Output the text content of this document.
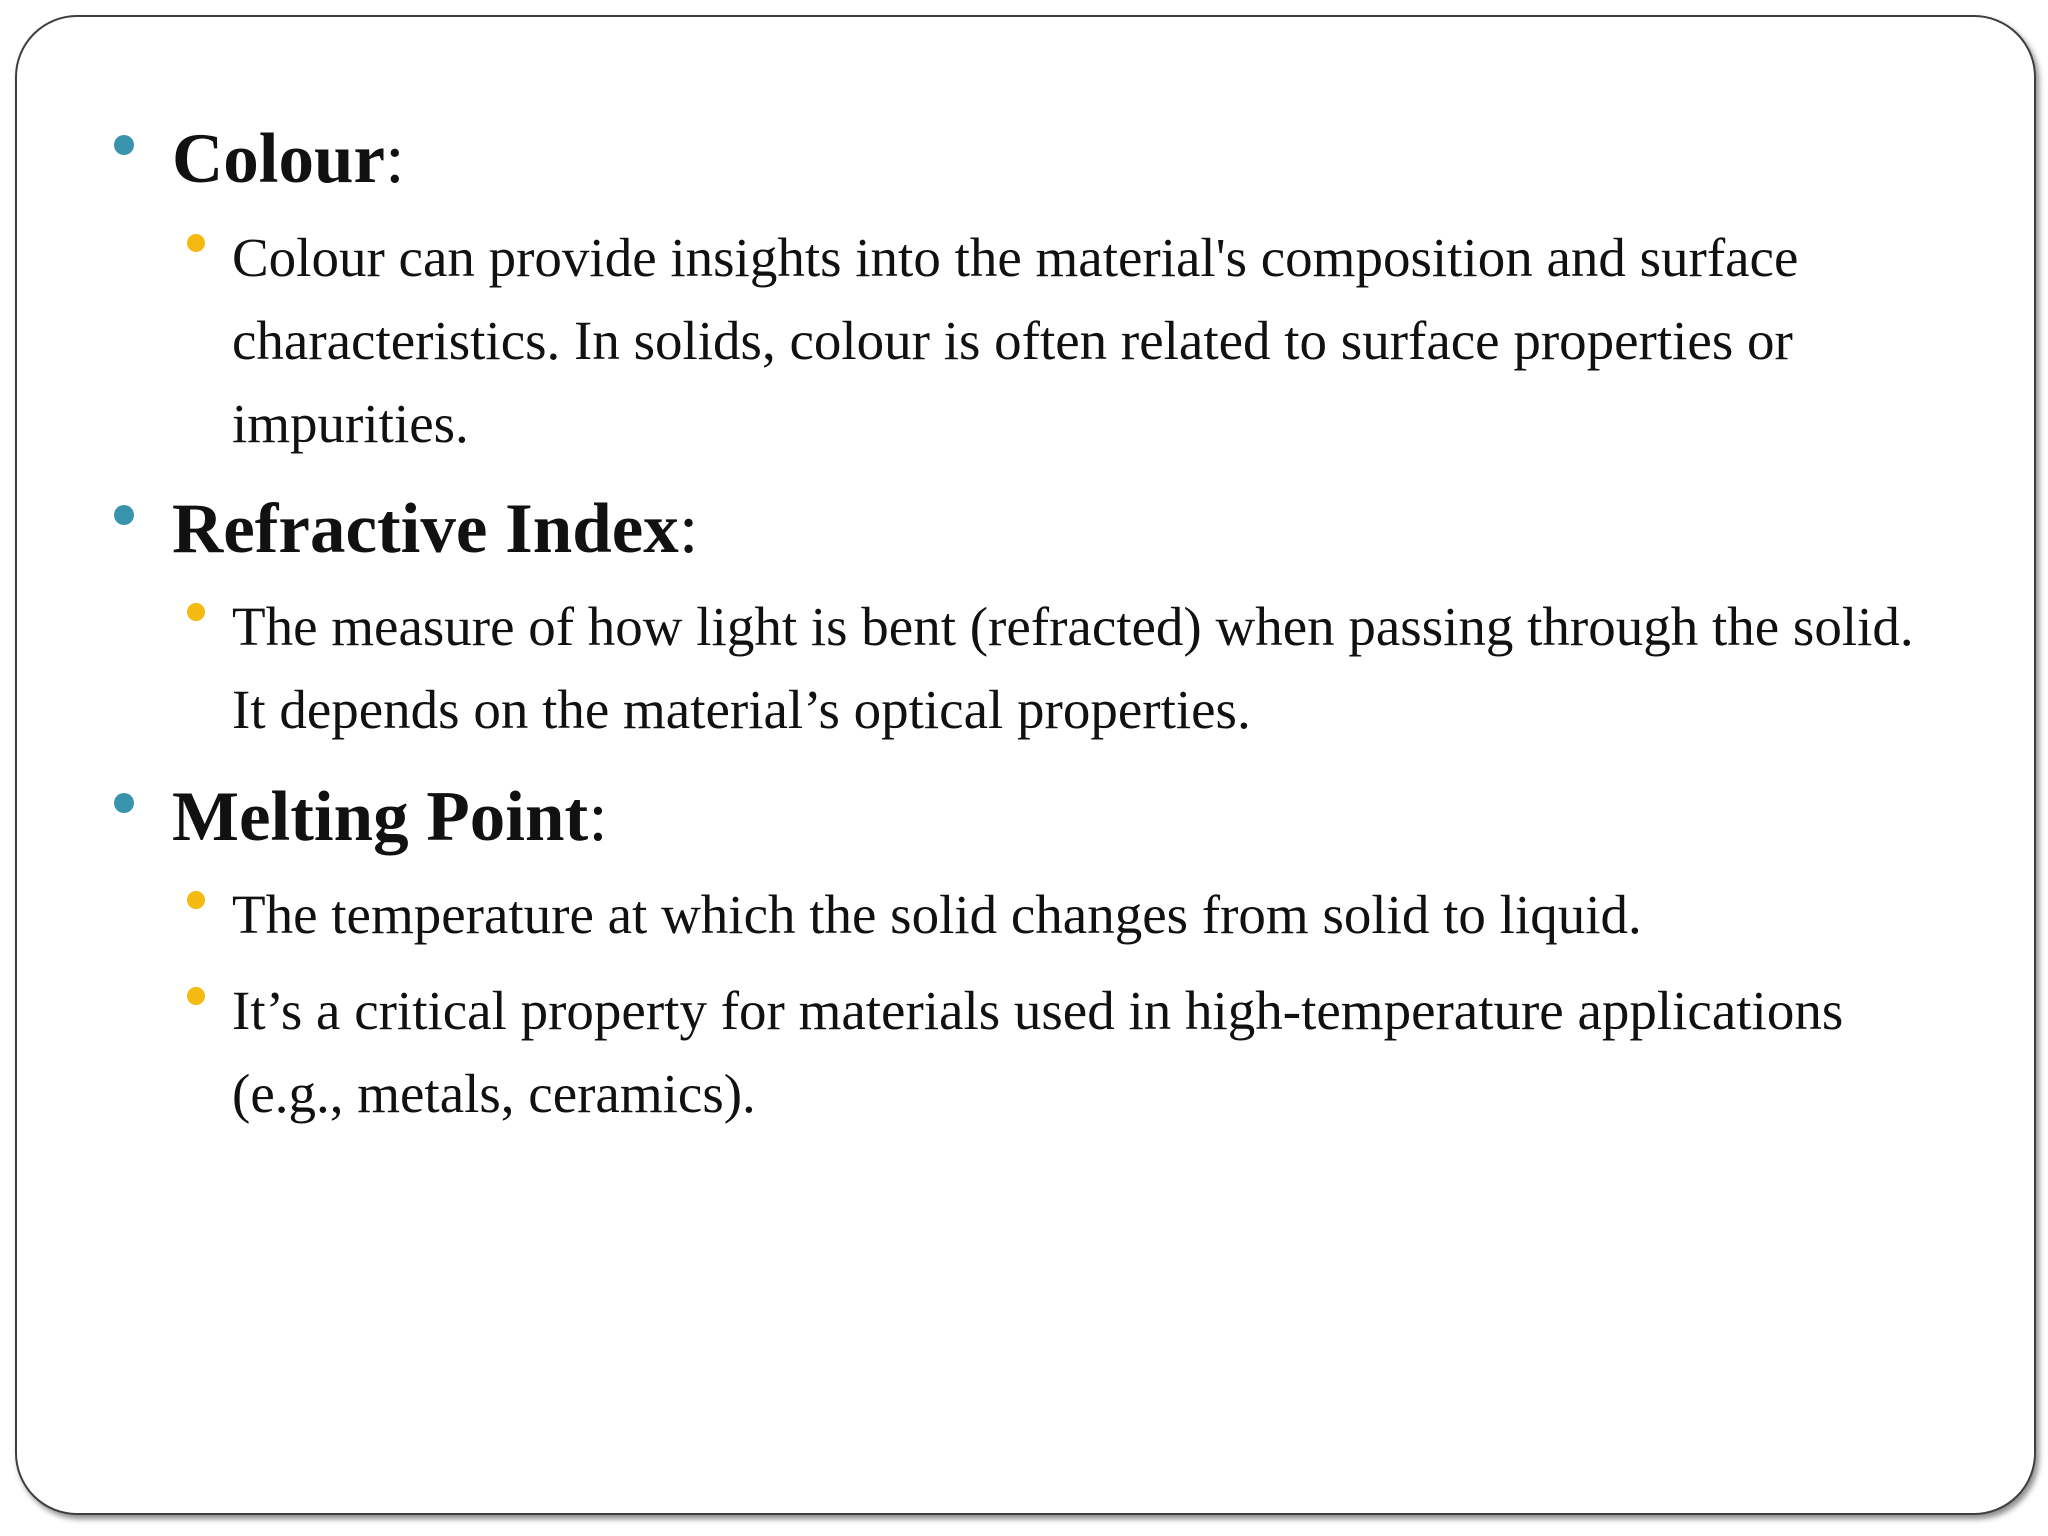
Colour:
Colour can provide insights into the material's composition and surface characteristics. In solids, colour is often related to surface properties or impurities.
Refractive Index:
The measure of how light is bent (refracted) when passing through the solid. It depends on the material’s optical properties.
Melting Point:
The temperature at which the solid changes from solid to liquid.
It’s a critical property for materials used in high-temperature applications (e.g., metals, ceramics).
